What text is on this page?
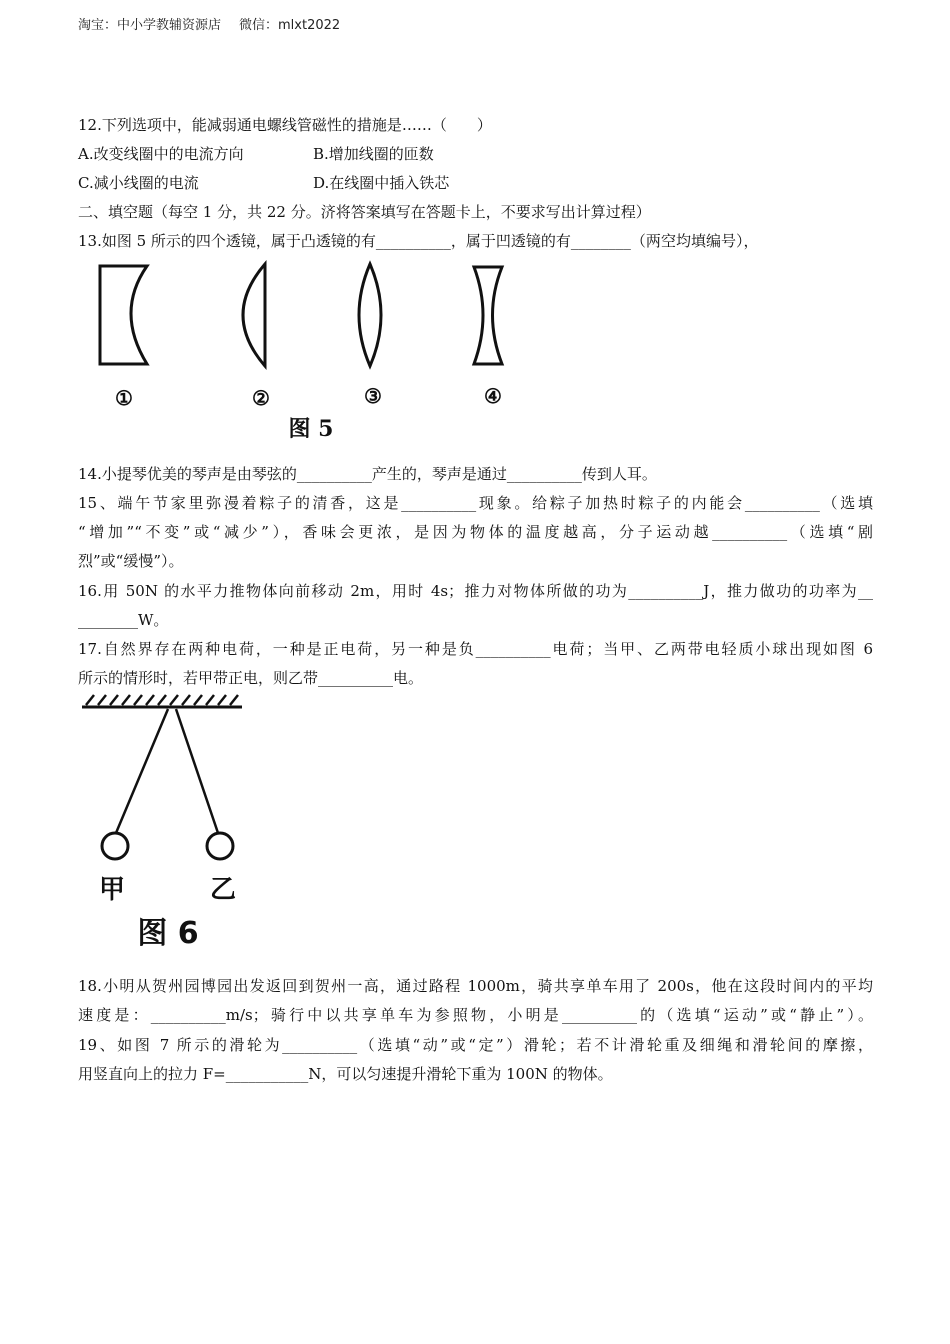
淘宝：中小学教辅资源店 微信：mlxt2022
12.下列选项中，能减弱通电螺线管磁性的措施是……（　　）
A.改变线圈中的电流方向	B.增加线圈的匝数
C.减小线圈的电流	D.在线圈中插入铁芯
二、填空题（每空 1 分，共 22 分。济将答案填写在答题卡上，不要求写出计算过程）
13.如图 5 所示的四个透镜，属于凸透镜的有__________，属于凹透镜的有________（两空均填编号），
①	②	③	④
图 5
14.小提琴优美的琴声是由琴弦的__________产生的，琴声是通过__________传到人耳。
15、端午节家里弥漫着粽子的清香，这是__________现象。给粽子加热时粽子的内能会__________（选填
“增加”“不变”或“减少”），香味会更浓，是因为物体的温度越高，分子运动越__________（选填“剧
烈”或“缓慢”）。
16.用 50N 的水平力推物体向前移动 2m，用时 4s；推力对物体所做的功为__________J，推力做功的功率为__
________W。
17.自然界存在两种电荷，一种是正电荷，另一种是负__________电荷；当甲、乙两带电轻质小球出现如图 6
所示的情形时，若甲带正电，则乙带__________电。
甲	乙
图 6
18.小明从贺州园博园出发返回到贺州一高，通过路程 1000m，骑共享单车用了 200s，他在这段时间内的平均
速度是：__________m/s；骑行中以共享单车为参照物，小明是__________的（选填“运动”或“静止”）。
19、如图 7 所示的滑轮为__________（选填“动”或“定”）滑轮；若不计滑轮重及细绳和滑轮间的摩擦，
用竖直向上的拉力 F=___________N，可以匀速提升滑轮下重为 100N 的物体。
